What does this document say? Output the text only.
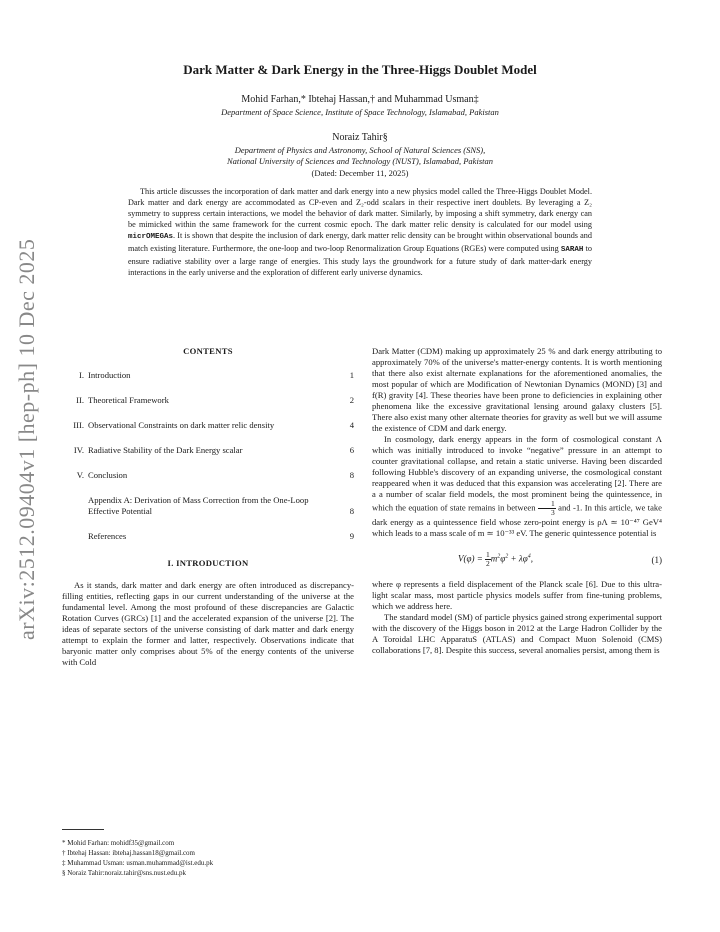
arXiv:2512.09404v1 [hep-ph] 10 Dec 2025
Dark Matter & Dark Energy in the Three-Higgs Doublet Model
Mohid Farhan,* Ibtehaj Hassan,† and Muhammad Usman‡
Department of Space Science, Institute of Space Technology, Islamabad, Pakistan
Noraiz Tahir§
Department of Physics and Astronomy, School of Natural Sciences (SNS),
National University of Sciences and Technology (NUST), Islamabad, Pakistan
(Dated: December 11, 2025)
This article discusses the incorporation of dark matter and dark energy into a new physics model called the Three-Higgs Doublet Model. Dark matter and dark energy are accommodated as CP-even and Z₂-odd scalars in their respective inert doublets. By leveraging a Z₂ symmetry to suppress certain interactions, we model the behavior of dark matter. Similarly, by imposing a shift symmetry, dark energy can be mimicked within the same framework for the current cosmic epoch. The dark matter relic density is calculated for our model using micrOMEGAs. It is shown that despite the inclusion of dark energy, dark matter relic density can be brought within observational bounds and match existing literature. Furthermore, the one-loop and two-loop Renormalization Group Equations (RGEs) were computed using SARAH to ensure radiative stability over a large range of energies. This study lays the groundwork for a future study of dark matter-dark energy interactions in the early universe and the exploration of different early universe dynamics.
CONTENTS
I. Introduction	1
II. Theoretical Framework	2
III. Observational Constraints on dark matter relic density	4
IV. Radiative Stability of the Dark Energy scalar	6
V. Conclusion	8
Appendix A: Derivation of Mass Correction from the One-Loop Effective Potential	8
References	9
I. INTRODUCTION
As it stands, dark matter and dark energy are often introduced as discrepancy-filling entities, reflecting gaps in our current understanding of the universe at the fundamental level. Among the most profound of these discrepancies are Galactic Rotation Curves (GRCs) [1] and the accelerated expansion of the universe [2]. The ideas of separate sectors of the universe consisting of dark matter and dark energy attempt to explain the former and latter, respectively. Observations indicate that baryonic matter only comprises about 5% of the energy contents of the universe with Cold
Dark Matter (CDM) making up approximately 25 % and dark energy attributing to approximately 70% of the universe's matter-energy contents. It is worth mentioning that there also exist alternate explanations for the aforementioned anomalies, the most popular of which are Modification of Newtonian Dynamics (MOND) [3] and f(R) gravity [4]. These theories have been prone to deficiencies in explaining other phenomena like the excessive gravitational lensing around galaxy clusters [5]. There also exist many other alternate theories for gravity as well but we will assume the existence of CDM and dark energy.
In cosmology, dark energy appears in the form of cosmological constant Λ which was initially introduced to invoke “negative” pressure in an attempt to counter gravitational collapse, and retain a static universe. Having been discarded following Hubble's discovery of an expanding universe, the cosmological constant reappeared when it was deduced that this expansion was accelerating [2]. There are a a number of scalar field models, the most prominent being the quintessence, in which the equation of state remains in between $\frac{1}{3}$ and -1. In this article, we take dark energy as a quintessence field whose zero-point energy is ρΛ ≃ 10⁻⁴⁷ GeV⁴ which leads to a mass scale of m ≃ 10⁻³³ eV. The generic quintessence potential is
$V(\varphi) = \frac{1}{2} m^2\varphi^2 + \lambda\varphi^4$,	(1)
where φ represents a field displacement of the Planck scale [6]. Due to this ultra-light scalar mass, most particle physics models suffer from fine-tuning problems, which we address here.
The standard model (SM) of particle physics gained strong experimental support with the discovery of the Higgs boson in 2012 at the Large Hadron Collider by the A Toroidal LHC ApparatuS (ATLAS) and Compact Muon Solenoid (CMS) collaborations [7, 8]. Despite this success, several anomalies persist, among them is
* Mohid Farhan: mohidf35@gmail.com
† Ibtehaj Hassan: ibtehaj.hassan18@gmail.com
‡ Muhammad Usman: usman.muhammad@ist.edu.pk
§ Noraiz Tahir:noraiz.tahir@sns.nust.edu.pk
